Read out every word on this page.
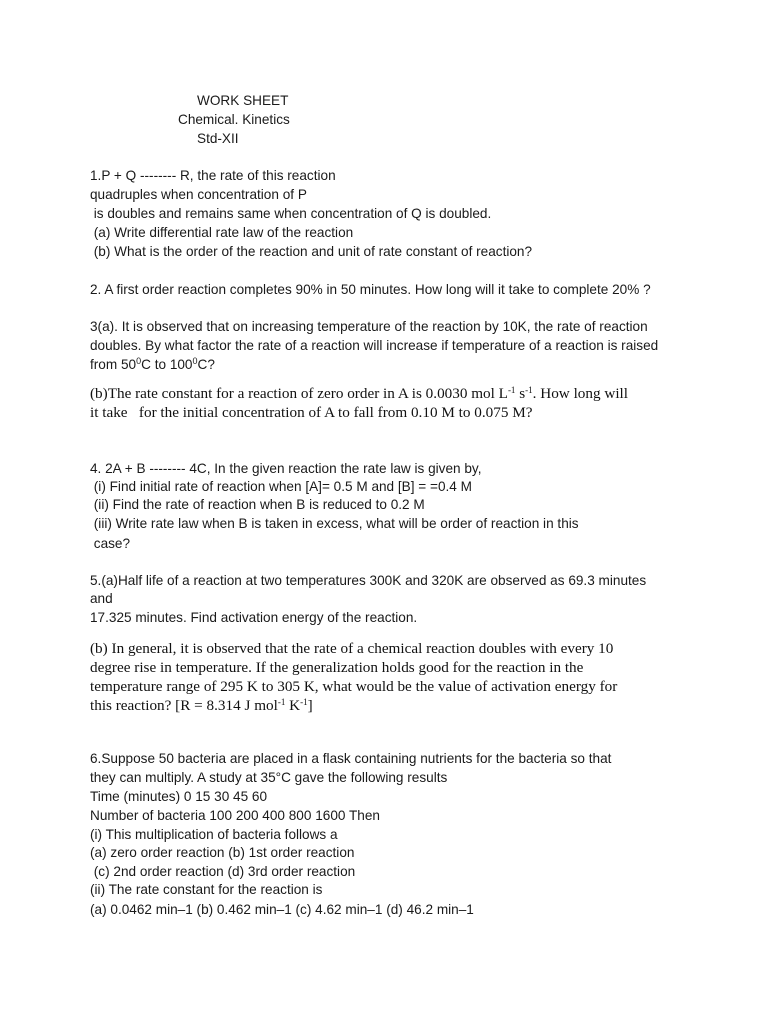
WORK SHEET
Chemical. Kinetics
Std-XII
1.P + Q -------- R, the rate of this reaction
quadruples when concentration of P
is doubles and remains same when concentration of Q is doubled.
(a) Write differential rate law of the reaction
(b) What is the order of the reaction and unit of rate constant of reaction?
2. A first order reaction completes 90% in 50 minutes. How long will it take to complete 20% ?
3(a). It is observed that on increasing temperature of the reaction by 10K, the rate of reaction
doubles. By what factor the rate of a reaction will increase if temperature of a reaction is raised
from $50^0C$ to $100^0C$?
(b)The rate constant for a reaction of zero order in A is 0.0030 mol $L^{-1}$ $s^{-1}$. How long will
it take   for the initial concentration of A to fall from 0.10 M to 0.075 M?
4. 2A + B -------- 4C, In the given reaction the rate law is given by,
(i) Find initial rate of reaction when [A]= 0.5 M and [B] = =0.4 M
(ii) Find the rate of reaction when B is reduced to 0.2 M
(iii) Write rate law when B is taken in excess, what will be order of reaction in this
case?
5.(a)Half life of a reaction at two temperatures 300K and 320K are observed as 69.3 minutes
and
17.325 minutes. Find activation energy of the reaction.
(b) In general, it is observed that the rate of a chemical reaction doubles with every 10
degree rise in temperature. If the generalization holds good for the reaction in the
temperature range of 295 K to 305 K, what would be the value of activation energy for
this reaction? [R = 8.314 J mol$^{-1}$ $K^{-1}$]
6.Suppose 50 bacteria are placed in a flask containing nutrients for the bacteria so that
they can multiply. A study at 35°C gave the following results
Time (minutes) 0 15 30 45 60
Number of bacteria 100 200 400 800 1600 Then
(i) This multiplication of bacteria follows a
(a) zero order reaction (b) 1st order reaction
(c) 2nd order reaction (d) 3rd order reaction
(ii) The rate constant for the reaction is
(a) 0.0462 min–1 (b) 0.462 min–1 (c) 4.62 min–1 (d) 46.2 min–1
